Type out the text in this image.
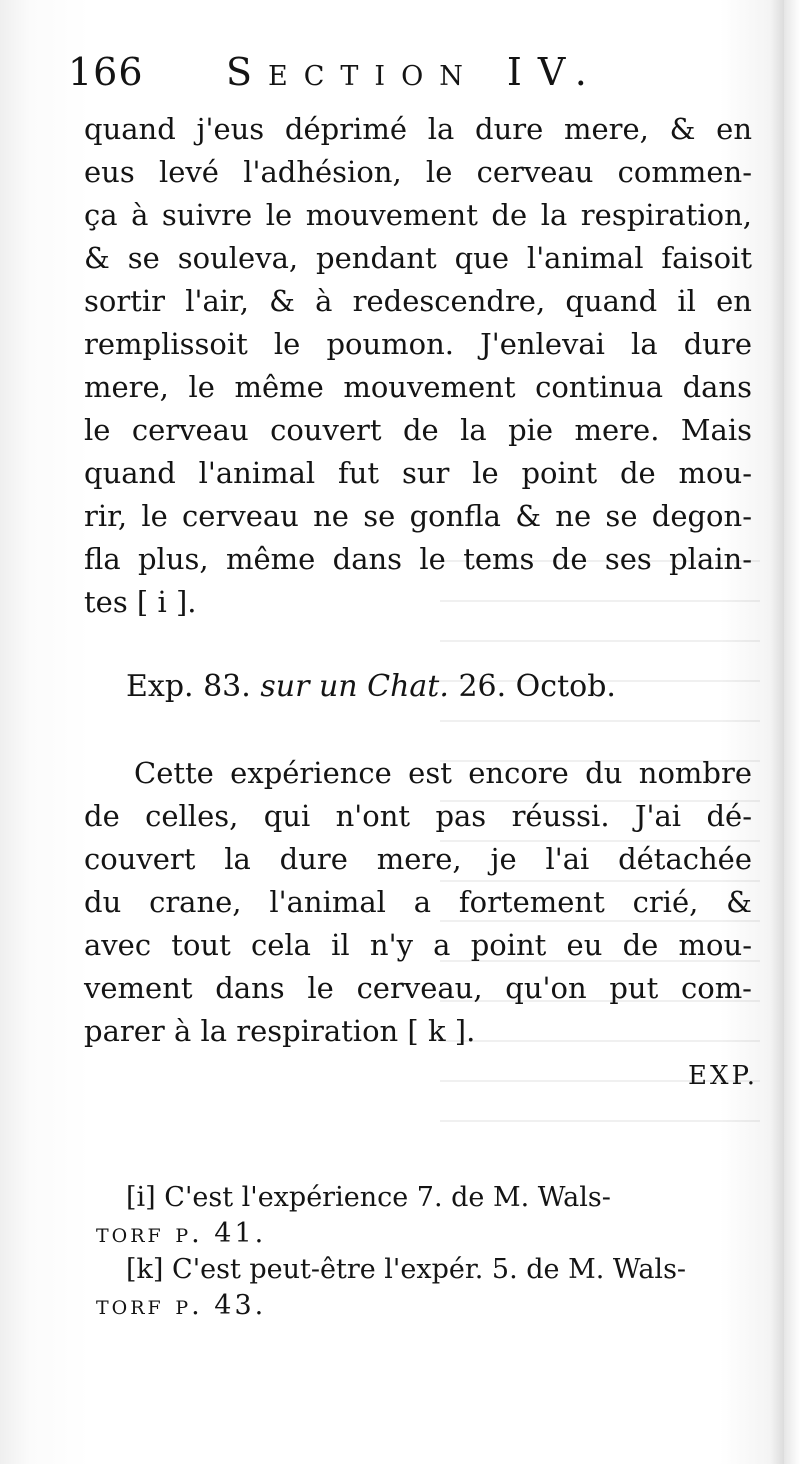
166 Section IV.
quand j'eus déprimé la dure mere, & en
eus levé l'adhésion, le cerveau commen-
ça à suivre le mouvement de la respiration,
& se souleva, pendant que l'animal faisoit
sortir l'air, & à redescendre, quand il en
remplissoit le poumon. J'enlevai la dure
mere, le même mouvement continua dans
le cerveau couvert de la pie mere. Mais
quand l'animal fut sur le point de mou-
rir, le cerveau ne se gonfla & ne se degon-
fla plus, même dans le tems de ses plain-
tes [ i ].
Exp. 83. sur un Chat. 26. Octob.
Cette expérience est encore du nombre
de celles, qui n'ont pas réussi. J'ai dé-
couvert la dure mere, je l'ai détachée
du crane, l'animal a fortement crié, &
avec tout cela il n'y a point eu de mou-
vement dans le cerveau, qu'on put com-
parer à la respiration [ k ].
EXP.
[i] C'est l'expérience 7. de M. Wals-
torf p. 41.
[k] C'est peut-être l'expér. 5. de M. Wals-
torf p. 43.
